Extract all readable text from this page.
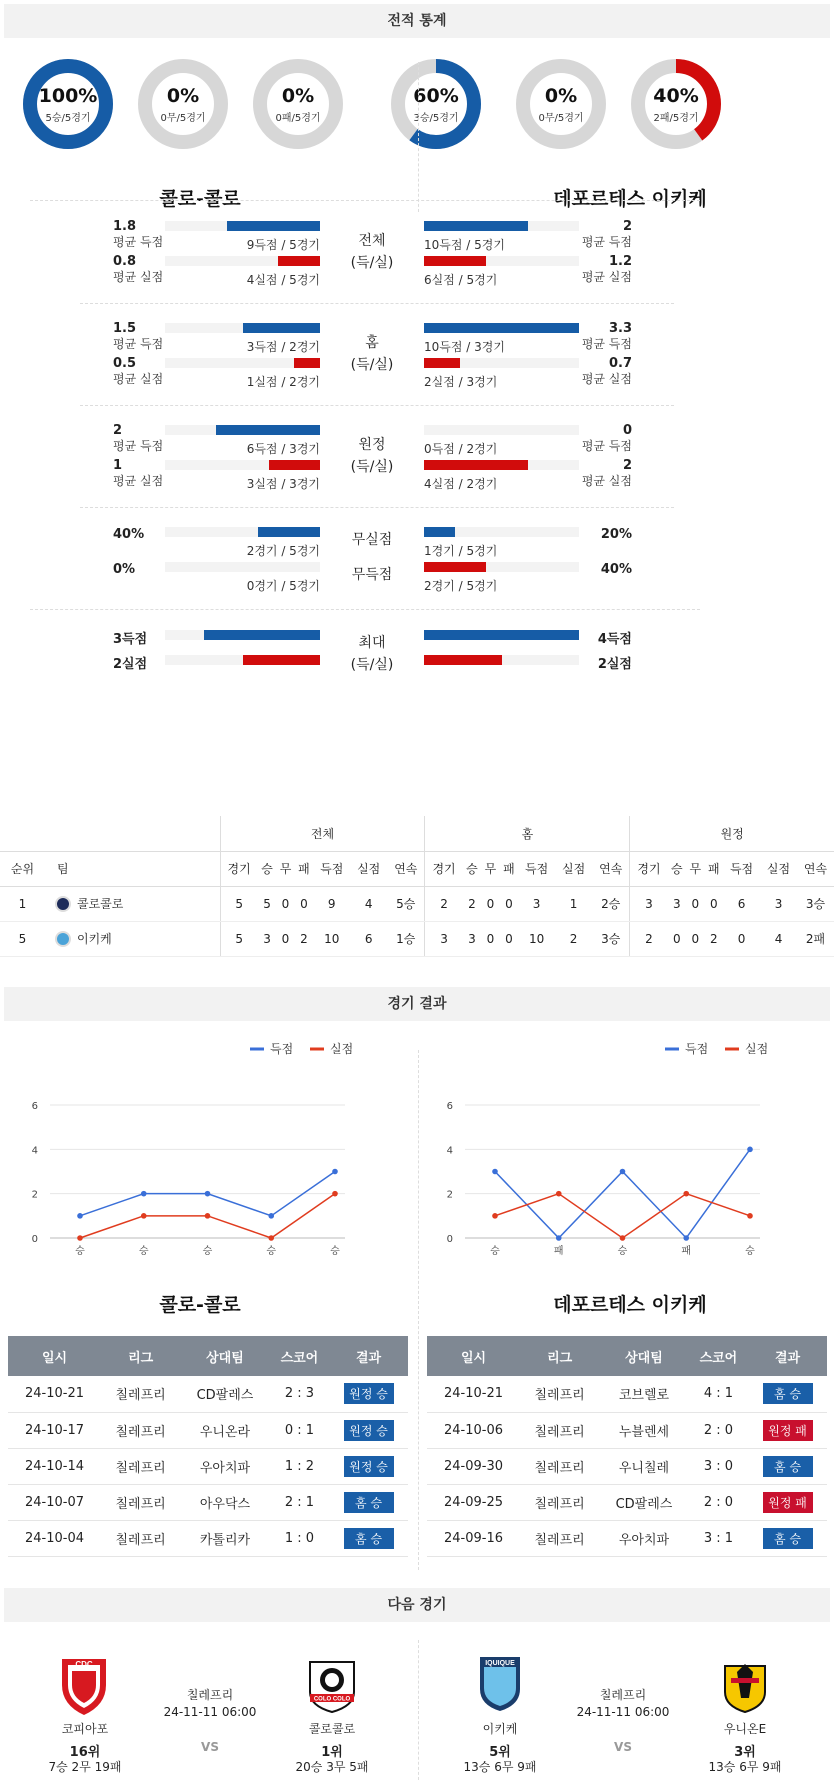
전적 통계
100%
5승/5경기
0%
0무/5경기
0%
0패/5경기
60%
3승/5경기
0%
0무/5경기
40%
2패/5경기
콜로-콜로	데포르테스 이키케
1.8
평균 득점	9득점 / 5경기
2
평균 득점
10득점 / 5경기
0.8
평균 실점	4실점 / 5경기
1.2
평균 실점
6실점 / 5경기
전체
(득/실)
1.5
평균 득점	3득점 / 2경기
3.3
평균 득점
10득점 / 3경기
0.5
평균 실점	1실점 / 2경기
0.7
평균 실점
2실점 / 3경기
홈
(득/실)
2
평균 득점	6득점 / 3경기
0
평균 득점
0득점 / 2경기
1
평균 실점	3실점 / 3경기
2
평균 실점
4실점 / 2경기
원정
(득/실)
40%
2경기 / 5경기
20%
1경기 / 5경기
무실점
0%
0경기 / 5경기
40%
2경기 / 5경기
무득점
3득점	4득점
2실점	2실점
최대
(득/실)
		전체							홈							원정						
순위	팀	경기	승	무	패	득점	실점	연속	경기	승	무	패	득점	실점	연속	경기	승	무	패	득점	실점	연속
1	콜로콜로	5	5	0	0	9	4	5승	2	2	0	0	3	1	2승	3	3	0	0	6	3	3승
5	이키케	5	3	0	2	10	6	1승	3	3	0	0	10	2	3승	2	0	0	2	0	4	2패
경기 결과
0
2
4
6
승	승	승	승	승
득점	실점
0
2
4
6
승	패	승	패	승
득점	실점
콜로-콜로	데포르테스 이키케
일시	리그	상대팀	스코어	결과
24-10-21	칠레프리	CD팔레스	2 : 3	원정 승
24-10-17	칠레프리	우니온라	0 : 1	원정 승
24-10-14	칠레프리	우아치파	1 : 2	원정 승
24-10-07	칠레프리	아우닥스	2 : 1	홈 승
24-10-04	칠레프리	카톨리카	1 : 0	홈 승
일시	리그	상대팀	스코어	결과
24-10-21	칠레프리	코브렐로	4 : 1	홈 승
24-10-06	칠레프리	누블렌세	2 : 0	원정 패
24-09-30	칠레프리	우니칠레	3 : 0	홈 승
24-09-25	칠레프리	CD팔레스	2 : 0	원정 패
24-09-16	칠레프리	우아치파	3 : 1	홈 승
다음 경기
CDC
코피아포
16위
7승 2무 19패
칠레프리
24-11-11 06:00
VS
COLO COLO
콜로콜로
1위
20승 3무 5패
IQUIQUE
이키케
5위
13승 6무 9패
칠레프리
24-11-11 06:00
VS
우니온E
3위
13승 6무 9패
